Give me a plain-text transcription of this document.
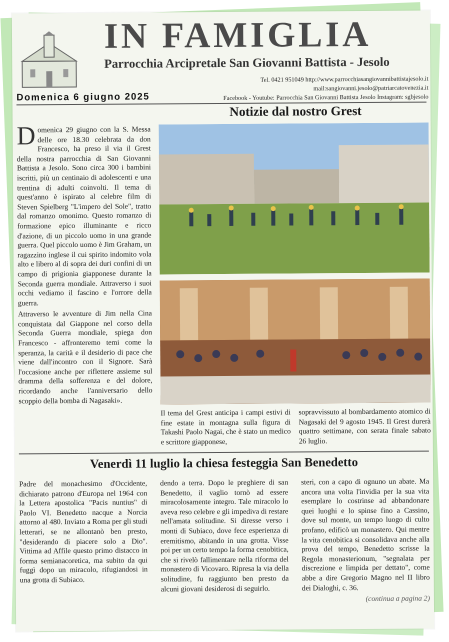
IN FAMIGLIA
Parrocchia Arcipretale San Giovanni Battista - Jesolo
Tel. 0421 951049 http://www.parrocchiasangiovannibattistajesolo.it
mail:sangiovanni.jesolo@patriarcatovenezia.it
Facebook - Youtube: Parrocchia San Giovanni Battista Jesolo Instagram: sgbjesolo
Domenica 6 giugno 2025
Notizie dal nostro Grest
D omenica 29 giugno con la S. Messa delle ore 18.30 celebrata da don Francesco, ha preso il via il Grest della nostra parrocchia di San Giovanni Battista a Jesolo. Sono circa 300 i bambini iscritti, più un centinaio di adolescenti e una trentina di adulti coinvolti. Il tema di quest'anno è ispirato al celebre film di Steven Spielberg "L'impero del Sole", tratto dal romanzo omonimo. Questo romanzo di formazione epico illuminante e ricco d'azione, di un piccolo uomo in una grande guerra. Quel piccolo uomo è Jim Graham, un ragazzino inglese il cui spirito indomito vola alto e libero al di sopra dei duri confini di un campo di prigionia giapponese durante la Seconda guerra mondiale. Attraverso i suoi occhi vediamo il fascino e l'orrore della guerra.
Attraverso le avventure di Jim nella Cina conquistata dal Giappone nel corso della Seconda Guerra mondiale, spiega don Francesco - affronteremo temi come la speranza, la carità e il desiderio di pace che viene dall'incontro con il Signore. Sarà l'occasione anche per riflettere assieme sul dramma della sofferenza e del dolore, ricordando anche l'anniversario dello scoppio della bomba di Nagasaki».
Il tema del Grest anticipa i campi estivi di fine estate in montagna sulla figura di Takashi Paolo Nagai, che è stato un medico e scrittore giapponese,
sopravvissuto al bombardamento atomico di Nagasaki del 9 agosto 1945. Il Grest durerà quattro settimane, con serata finale sabato 26 luglio.
Venerdì 11 luglio la chiesa festeggia San Benedetto
Padre del monachesimo d'Occidente, dichiarato patrono d'Europa nel 1964 con la Lettera apostolica "Pacis nuntius" di Paolo VI. Benedetto nacque a Norcia attorno al 480. Inviato a Roma per gli studi letterari, se ne allontanò ben presto, "desiderando di piacere solo a Dio". Vittima ad Affile questo primo distacco in forma semianacoretica, ma subito da qui fuggì dopo un miracolo, rifugiandosi in una grotta di Subiaco.
dendo a terra. Dopo le preghiere di san Benedetto, il vaglio tornò ad essere miracolosamente integro. Tale miracolo lo aveva reso celebre e gli impediva di restare nell'amata solitudine. Si diresse verso i monti di Subiaco, dove fece esperienza di eremitismo, abitando in una grotta. Visse poi per un certo tempo la forma cenobitica, che si rivelò fallimentare nella riforma del monastero di Vicovaro. Ripresa la via della solitudine, fu raggiunto ben presto da alcuni giovani desiderosi di seguirlo.
steri, con a capo di ognuno un abate. Ma ancora una volta l'invidia per la sua vita esemplare lo costrinse ad abbandonare quei luoghi e lo spinse fino a Cassino, dove sul monte, un tempo luogo di culto profano, edificò un monastero. Qui mentre la vita cenobitica si consolidava anche alla prova del tempo, Benedetto scrisse la Regola monasterionum, "segnalata per discrezione e limpida per dettato", come abbe a dire Gregorio Magno nel II libro dei Dialoghi, c. 36.
(continua a pagina 2)
